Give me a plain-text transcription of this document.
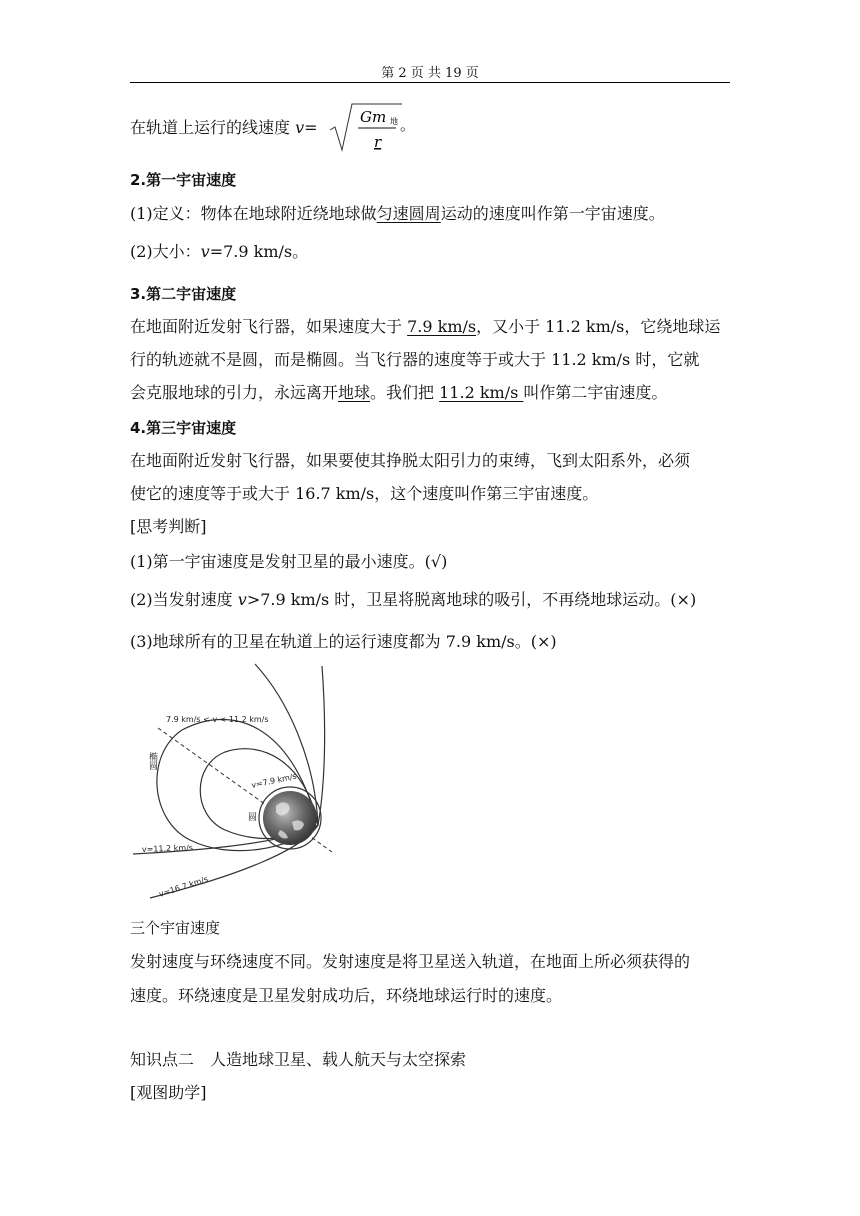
第 2 页 共 19 页
在轨道上运行的线速度 v=
Gm 地
r
。
2.第一宇宙速度
(1)定义：物体在地球附近绕地球做匀速圆周运动的速度叫作第一宇宙速度。
(2)大小：v=7.9 km/s。
3.第二宇宙速度
在地面附近发射飞行器，如果速度大于 7.9 km/s，又小于 11.2 km/s，它绕地球运
行的轨迹就不是圆，而是椭圆。当飞行器的速度等于或大于 11.2 km/s 时，它就
会克服地球的引力，永远离开地球。我们把 11.2 km/s 叫作第二宇宙速度。
4.第三宇宙速度
在地面附近发射飞行器，如果要使其挣脱太阳引力的束缚，飞到太阳系外，必须
使它的速度等于或大于 16.7 km/s，这个速度叫作第三宇宙速度。
[思考判断]
(1)第一宇宙速度是发射卫星的最小速度。(√)
(2)当发射速度 v>7.9 km/s 时，卫星将脱离地球的吸引，不再绕地球运动。(×)
(3)地球所有的卫星在轨道上的运行速度都为 7.9 km/s。(×)
7.9 km/s < v < 11.2 km/s
椭圆
v=7.9 km/s
圆
v=11.2 km/s
v=16.7 km/s
三个宇宙速度
发射速度与环绕速度不同。发射速度是将卫星送入轨道，在地面上所必须获得的
速度。环绕速度是卫星发射成功后，环绕地球运行时的速度。
知识点二　人造地球卫星、载人航天与太空探索
[观图助学]
